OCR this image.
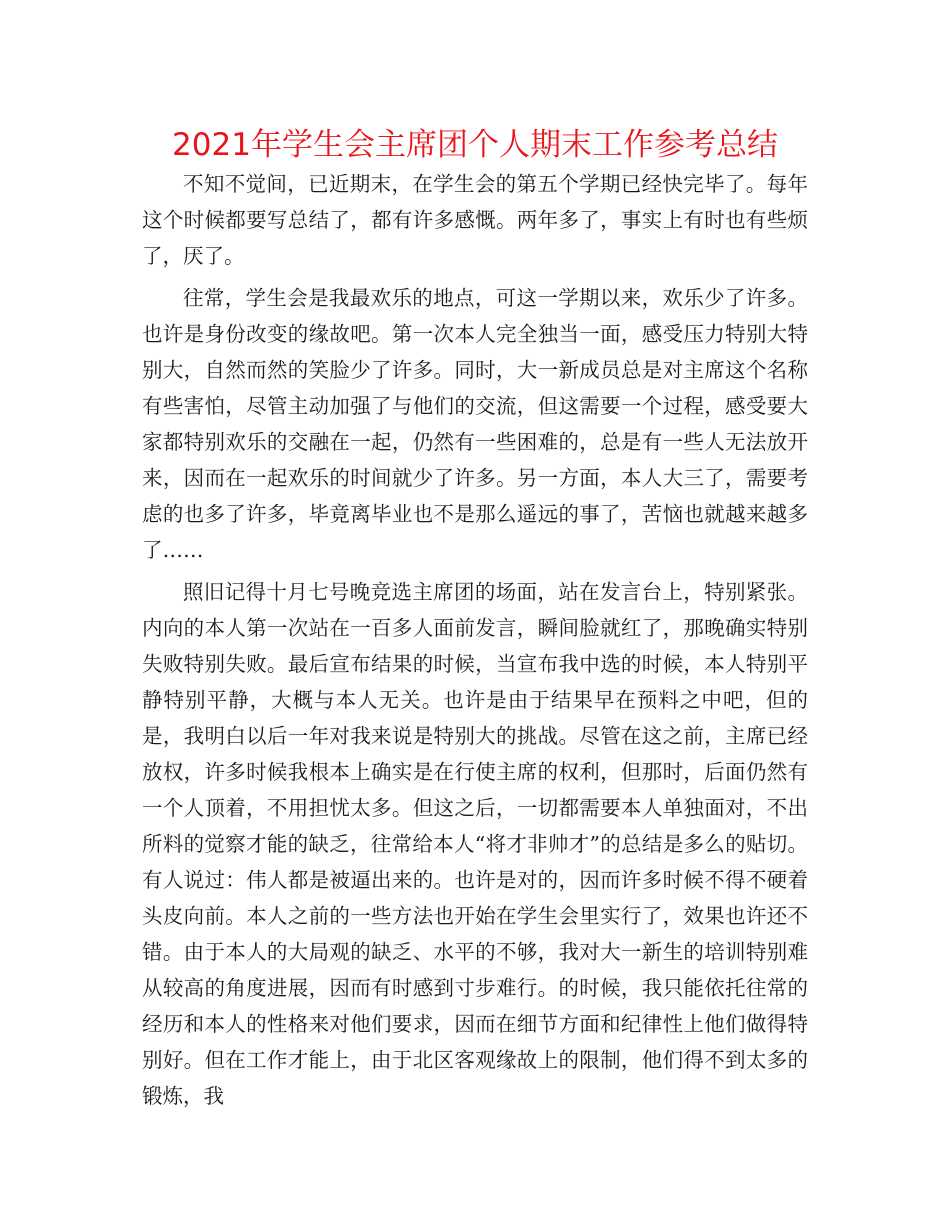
2021年学生会主席团个人期末工作参考总结

不知不觉间，已近期末，在学生会的第五个学期已经快完毕了。每年这个时候都要写总结了，都有许多感慨。两年多了，事实上有时也有些烦了，厌了。

往常，学生会是我最欢乐的地点，可这一学期以来，欢乐少了许多。也许是身份改变的缘故吧。第一次本人完全独当一面，感受压力特别大特别大，自然而然的笑脸少了许多。同时，大一新成员总是对主席这个名称有些害怕，尽管主动加强了与他们的交流，但这需要一个过程，感受要大家都特别欢乐的交融在一起，仍然有一些困难的，总是有一些人无法放开来，因而在一起欢乐的时间就少了许多。另一方面，本人大三了，需要考虑的也多了许多，毕竟离毕业也不是那么遥远的事了，苦恼也就越来越多了……

照旧记得十月七号晚竞选主席团的场面，站在发言台上，特别紧张。内向的本人第一次站在一百多人面前发言，瞬间脸就红了，那晚确实特别失败特别失败。最后宣布结果的时候，当宣布我中选的时候，本人特别平静特别平静，大概与本人无关。也许是由于结果早在预料之中吧，但的是，我明白以后一年对我来说是特别大的挑战。尽管在这之前，主席已经放权，许多时候我根本上确实是在行使主席的权利，但那时，后面仍然有一个人顶着，不用担忧太多。但这之后，一切都需要本人单独面对，不出所料的觉察才能的缺乏，往常给本人“将才非帅才”的总结是多么的贴切。有人说过：伟人都是被逼出来的。也许是对的，因而许多时候不得不硬着头皮向前。本人之前的一些方法也开始在学生会里实行了，效果也许还不错。由于本人的大局观的缺乏、水平的不够，我对大一新生的培训特别难从较高的角度进展，因而有时感到寸步难行。的时候，我只能依托往常的经历和本人的性格来对他们要求，因而在细节方面和纪律性上他们做得特别好。但在工作才能上，由于北区客观缘故上的限制，他们得不到太多的锻炼，我
